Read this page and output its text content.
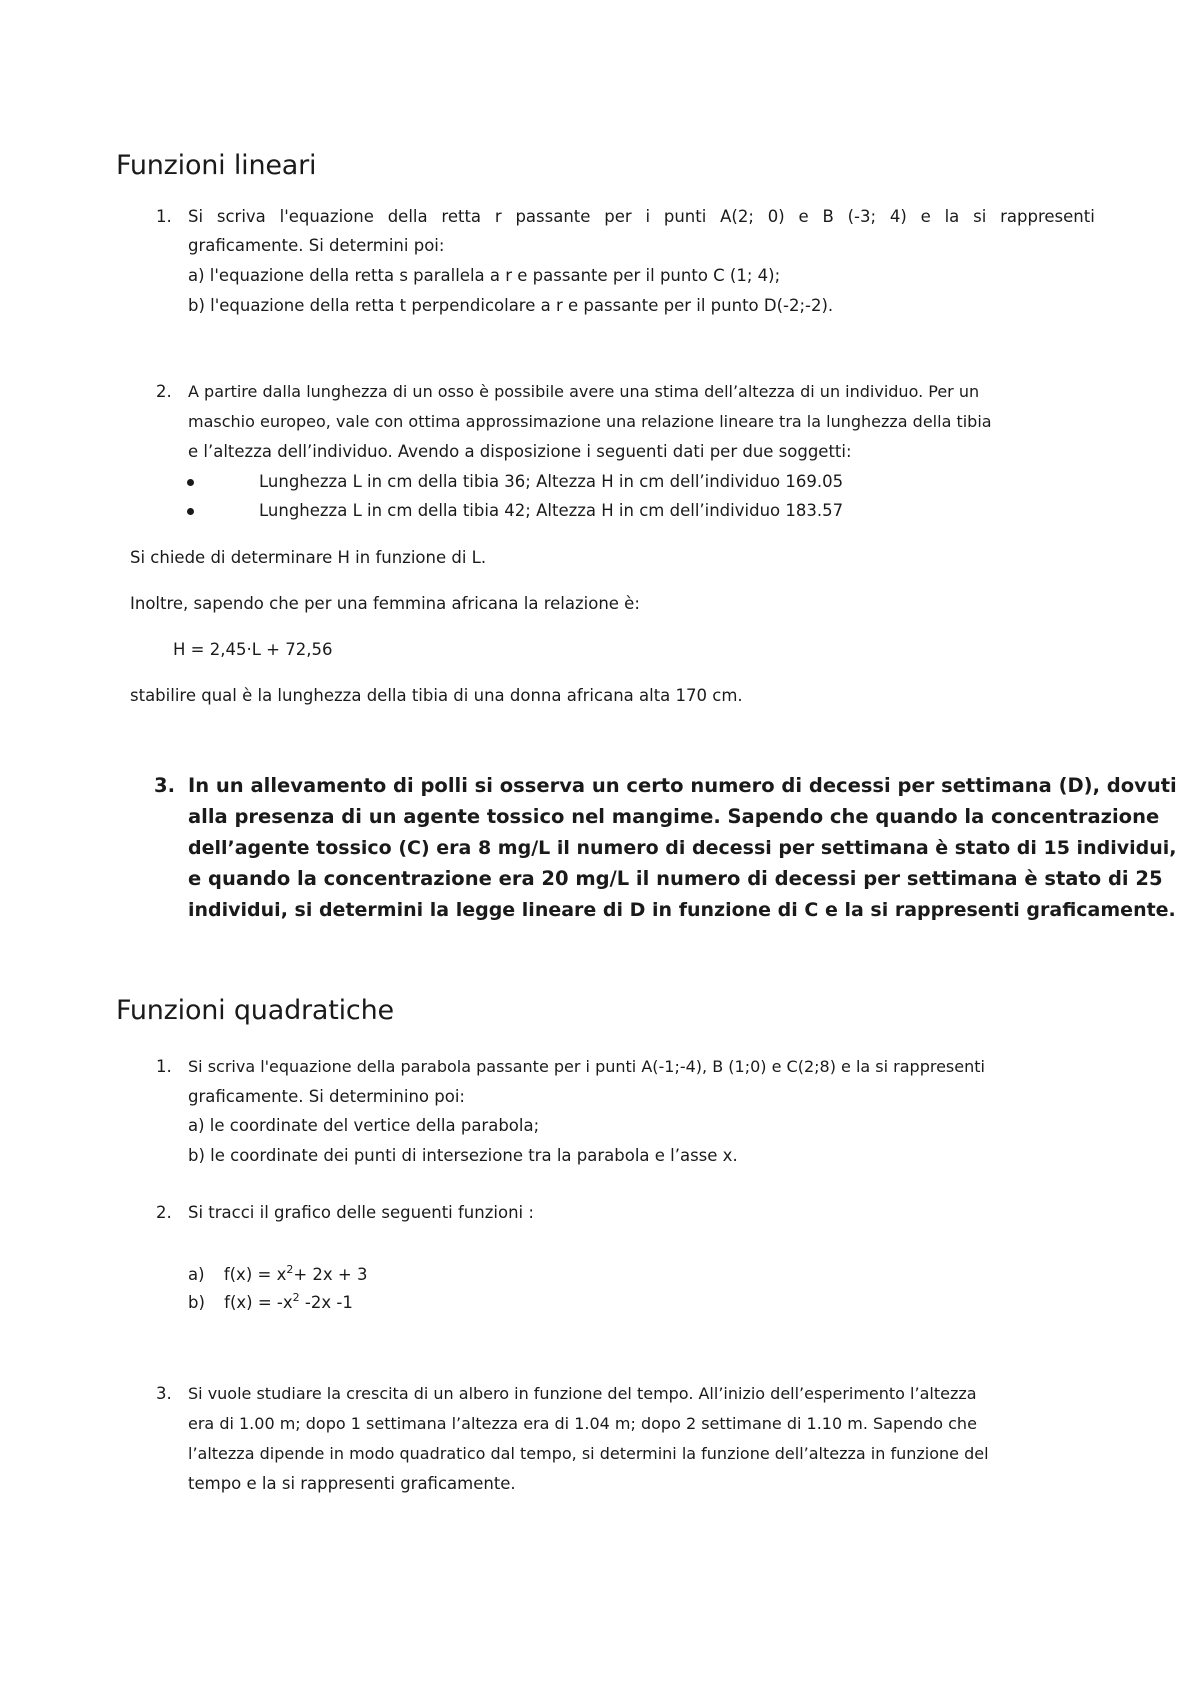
Funzioni lineari
1. Si scriva l'equazione della retta r passante per i punti A(2; 0) e B (-3; 4) e la si rappresenti
graficamente. Si determini poi:
a) l'equazione della retta s parallela a r e passante per il punto C (1; 4);
b) l'equazione della retta t perpendicolare a r e passante per il punto D(-2;-2).
2. A partire dalla lunghezza di un osso è possibile avere una stima dell’altezza di un individuo. Per un
maschio europeo, vale con ottima approssimazione una relazione lineare tra la lunghezza della tibia
e l’altezza dell’individuo. Avendo a disposizione i seguenti dati per due soggetti:
Lunghezza L in cm della tibia 36; Altezza H in cm dell’individuo 169.05
Lunghezza L in cm della tibia 42; Altezza H in cm dell’individuo 183.57
Si chiede di determinare H in funzione di L.
Inoltre, sapendo che per una femmina africana la relazione è:
H = 2,45·L + 72,56
stabilire qual è la lunghezza della tibia di una donna africana alta 170 cm.
3. In un allevamento di polli si osserva un certo numero di decessi per settimana (D), dovuti
alla presenza di un agente tossico nel mangime. Sapendo che quando la concentrazione
dell’agente tossico (C) era 8 mg/L il numero di decessi per settimana è stato di 15 individui,
e quando la concentrazione era 20 mg/L il numero di decessi per settimana è stato di 25
individui, si determini la legge lineare di D in funzione di C e la si rappresenti graficamente.
Funzioni quadratiche
1. Si scriva l'equazione della parabola passante per i punti A(-1;-4), B (1;0) e C(2;8) e la si rappresenti
graficamente. Si determinino poi:
a) le coordinate del vertice della parabola;
b) le coordinate dei punti di intersezione tra la parabola e l’asse x.
2. Si tracci il grafico delle seguenti funzioni :
a) $f(x) = x^2+ 2x + 3$
b) $f(x) = -x^2$ -2x -1
3. Si vuole studiare la crescita di un albero in funzione del tempo. All’inizio dell’esperimento l’altezza
era di 1.00 m; dopo 1 settimana l’altezza era di 1.04 m; dopo 2 settimane di 1.10 m. Sapendo che
l’altezza dipende in modo quadratico dal tempo, si determini la funzione dell’altezza in funzione del
tempo e la si rappresenti graficamente.
